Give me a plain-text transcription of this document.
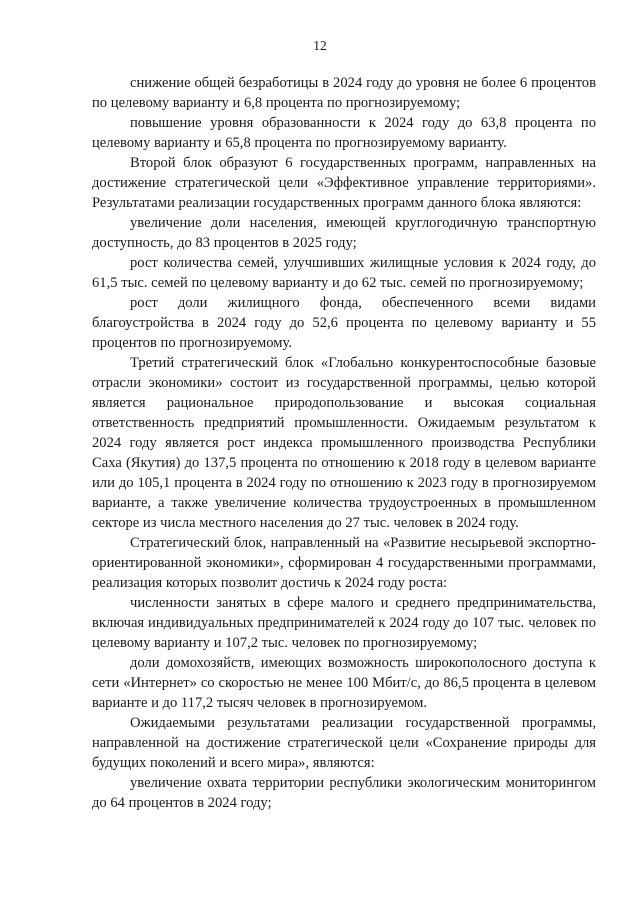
12

снижение общей безработицы в 2024 году до уровня не более 6 процентов по целевому варианту и 6,8 процента по прогнозируемому;

повышение уровня образованности к 2024 году до 63,8 процента по целевому варианту и 65,8 процента по прогнозируемому варианту.

Второй блок образуют 6 государственных программ, направленных на достижение стратегической цели «Эффективное управление территориями». Результатами реализации государственных программ данного блока являются:

увеличение доли населения, имеющей круглогодичную транспортную доступность, до 83 процентов в 2025 году;

рост количества семей, улучшивших жилищные условия к 2024 году, до 61,5 тыс. семей по целевому варианту и до 62 тыс. семей по прогнозируемому;

рост доли жилищного фонда, обеспеченного всеми видами благоустройства в 2024 году до 52,6 процента по целевому варианту и 55 процентов по прогнозируемому.

Третий стратегический блок «Глобально конкурентоспособные базовые отрасли экономики» состоит из государственной программы, целью которой является рациональное природопользование и высокая социальная ответственность предприятий промышленности. Ожидаемым результатом к 2024 году является рост индекса промышленного производства Республики Саха (Якутия) до 137,5 процента по отношению к 2018 году в целевом варианте или до 105,1 процента в 2024 году по отношению к 2023 году в прогнозируемом варианте, а также увеличение количества трудоустроенных в промышленном секторе из числа местного населения до 27 тыс. человек в 2024 году.

Стратегический блок, направленный на «Развитие несырьевой экспортно-ориентированной экономики», сформирован 4 государственными программами, реализация которых позволит достичь к 2024 году роста:

численности занятых в сфере малого и среднего предпринимательства, включая индивидуальных предпринимателей к 2024 году до 107 тыс. человек по целевому варианту и 107,2 тыс. человек по прогнозируемому;

доли домохозяйств, имеющих возможность широкополосного доступа к сети «Интернет» со скоростью не менее 100 Мбит/с, до 86,5 процента в целевом варианте и до 117,2 тысяч человек в прогнозируемом.

Ожидаемыми результатами реализации государственной программы, направленной на достижение стратегической цели «Сохранение природы для будущих поколений и всего мира», являются:

увеличение охвата территории республики экологическим мониторингом до 64 процентов в 2024 году;
